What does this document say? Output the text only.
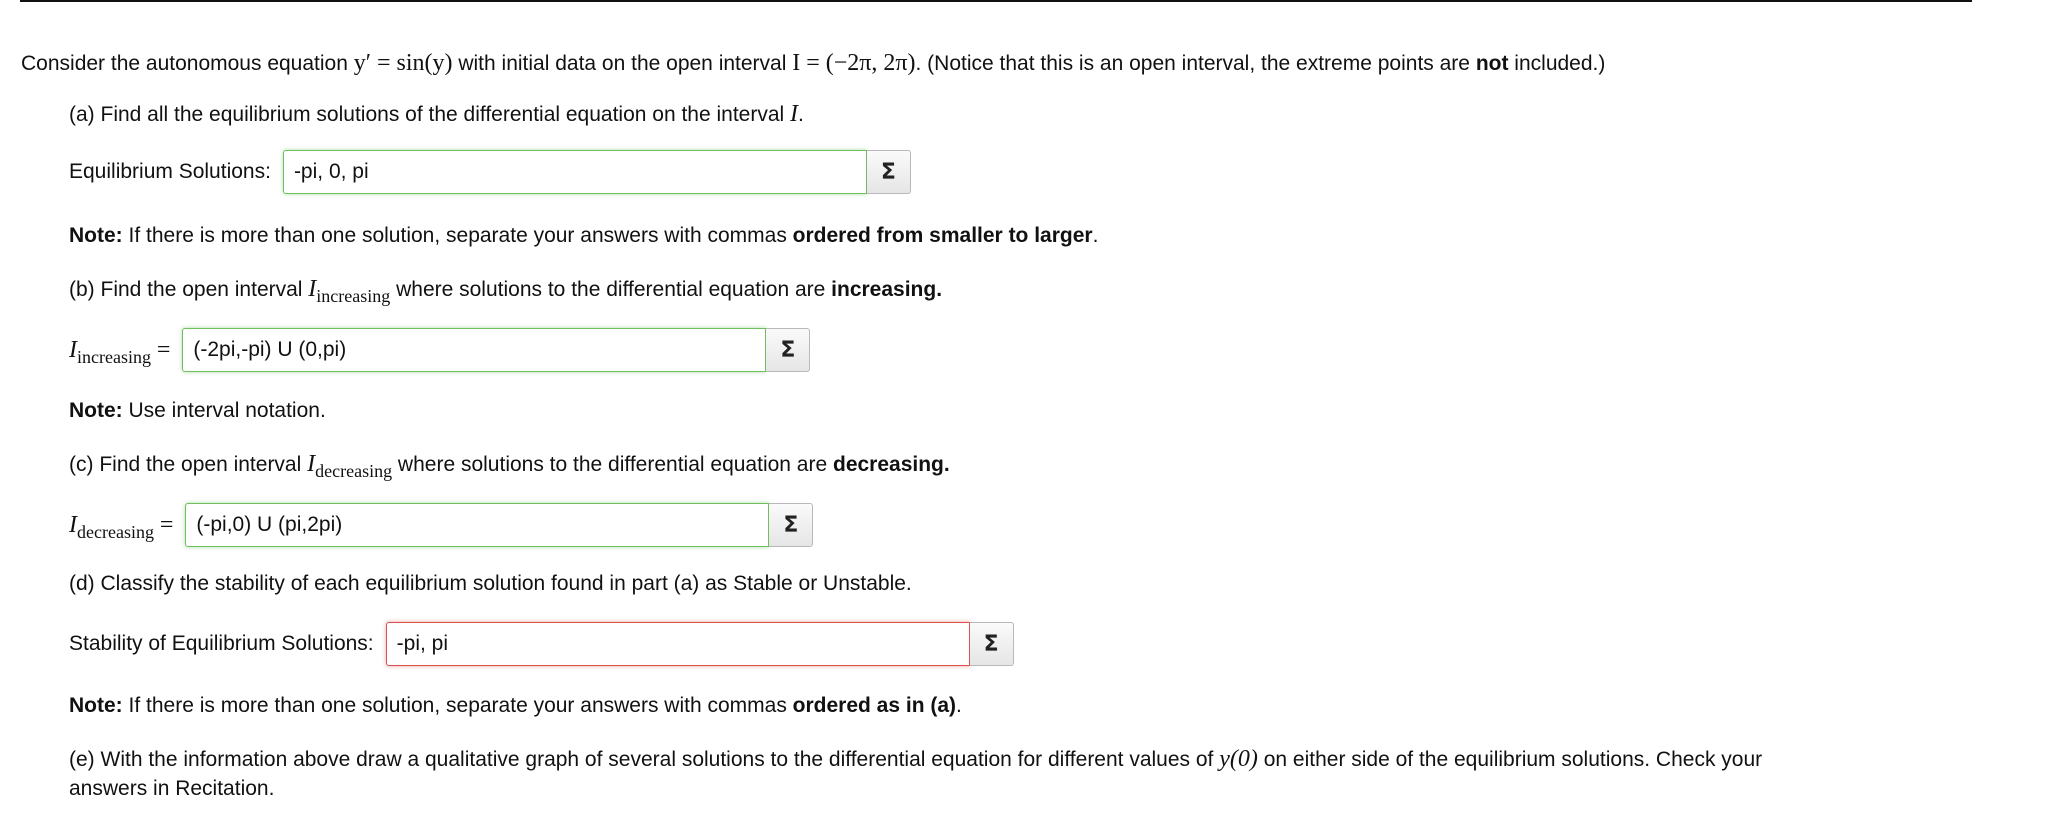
Consider the autonomous equation y′ = sin(y) with initial data on the open interval I = (−2π, 2π). (Notice that this is an open interval, the extreme points are not included.)
(a) Find all the equilibrium solutions of the differential equation on the interval I.
Equilibrium Solutions:
-pi, 0, pi	Σ
Note: If there is more than one solution, separate your answers with commas ordered from smaller to larger.
(b) Find the open interval Iincreasing where solutions to the differential equation are increasing.
Iincreasing =
(-2pi,-pi) U (0,pi)	Σ
Note: Use interval notation.
(c) Find the open interval Idecreasing where solutions to the differential equation are decreasing.
Idecreasing =
(-pi,0) U (pi,2pi)	Σ
(d) Classify the stability of each equilibrium solution found in part (a) as Stable or Unstable.
Stability of Equilibrium Solutions:
-pi, pi	Σ
Note: If there is more than one solution, separate your answers with commas ordered as in (a).
(e) With the information above draw a qualitative graph of several solutions to the differential equation for different values of y(0) on either side of the equilibrium solutions. Check your
answers in Recitation.
